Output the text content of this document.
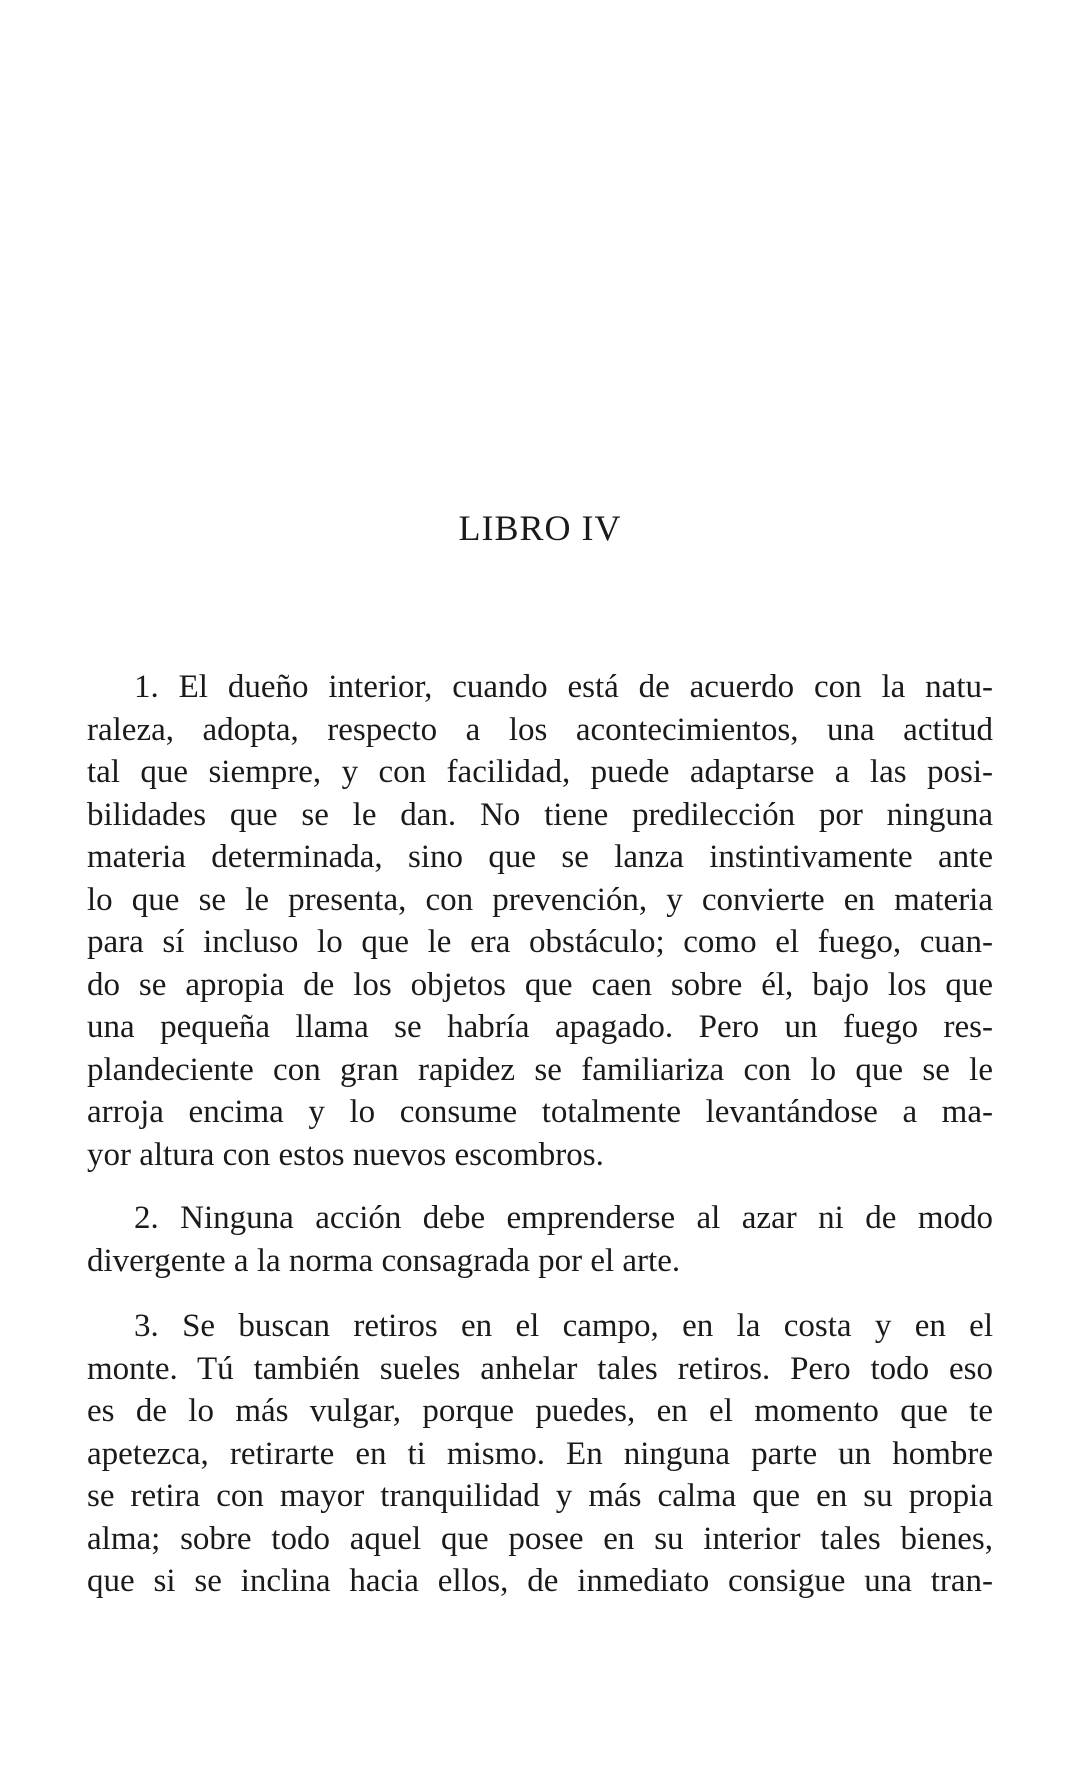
LIBRO IV
1. El dueño interior, cuando está de acuerdo con la natu-
raleza, adopta, respecto a los acontecimientos, una actitud
tal que siempre, y con facilidad, puede adaptarse a las posi-
bilidades que se le dan. No tiene predilección por ninguna
materia determinada, sino que se lanza instintivamente ante
lo que se le presenta, con prevención, y convierte en materia
para sí incluso lo que le era obstáculo; como el fuego, cuan-
do se apropia de los objetos que caen sobre él, bajo los que
una pequeña llama se habría apagado. Pero un fuego res-
plandeciente con gran rapidez se familiariza con lo que se le
arroja encima y lo consume totalmente levantándose a ma-
yor altura con estos nuevos escombros.
2. Ninguna acción debe emprenderse al azar ni de modo
divergente a la norma consagrada por el arte.
3. Se buscan retiros en el campo, en la costa y en el
monte. Tú también sueles anhelar tales retiros. Pero todo eso
es de lo más vulgar, porque puedes, en el momento que te
apetezca, retirarte en ti mismo. En ninguna parte un hombre
se retira con mayor tranquilidad y más calma que en su propia
alma; sobre todo aquel que posee en su interior tales bienes,
que si se inclina hacia ellos, de inmediato consigue una tran-
